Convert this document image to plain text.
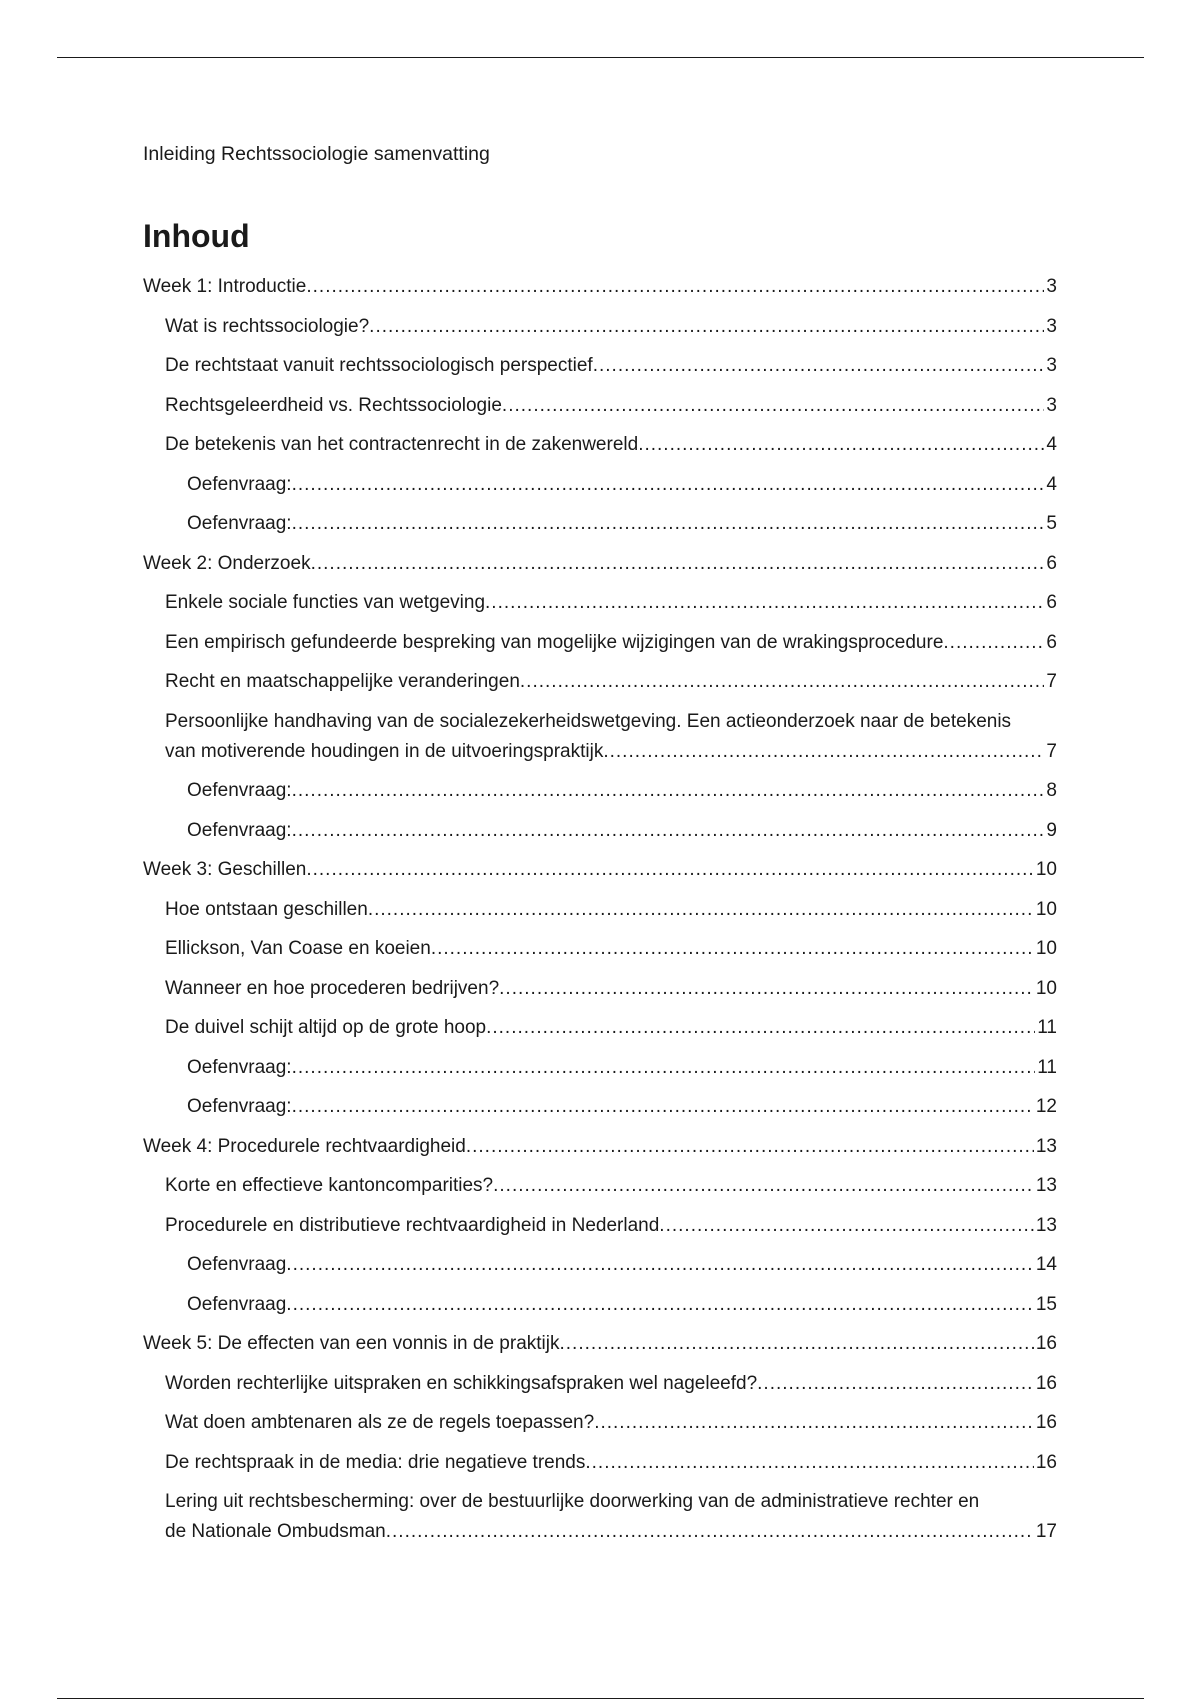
Inleiding Rechtssociologie samenvatting
Inhoud
Week 1: Introductie .....	3
Wat is rechtssociologie? .....	3
De rechtstaat vanuit rechtssociologisch perspectief .....	3
Rechtsgeleerdheid vs. Rechtssociologie .....	3
De betekenis van het contractenrecht in de zakenwereld .....	4
Oefenvraag: .....	4
Oefenvraag: .....	5
Week 2: Onderzoek .....	6
Enkele sociale functies van wetgeving .....	6
Een empirisch gefundeerde bespreking van mogelijke wijzigingen van de wrakingsprocedure .....	6
Recht en maatschappelijke veranderingen .....	7
Persoonlijke handhaving van de socialezekerheidswetgeving. Een actieonderzoek naar de betekenis
van motiverende houdingen in de uitvoeringspraktijk .....	7
Oefenvraag: .....	8
Oefenvraag: .....	9
Week 3: Geschillen .....	10
Hoe ontstaan geschillen .....	10
Ellickson, Van Coase en koeien .....	10
Wanneer en hoe procederen bedrijven? .....	10
De duivel schijt altijd op de grote hoop .....	11
Oefenvraag: .....	11
Oefenvraag: .....	12
Week 4: Procedurele rechtvaardigheid .....	13
Korte en effectieve kantoncomparities? .....	13
Procedurele en distributieve rechtvaardigheid in Nederland .....	13
Oefenvraag .....	14
Oefenvraag .....	15
Week 5: De effecten van een vonnis in de praktijk .....	16
Worden rechterlijke uitspraken en schikkingsafspraken wel nageleefd? .....	16
Wat doen ambtenaren als ze de regels toepassen? .....	16
De rechtspraak in de media: drie negatieve trends .....	16
Lering uit rechtsbescherming: over de bestuurlijke doorwerking van de administratieve rechter en
de Nationale Ombudsman .....	17
